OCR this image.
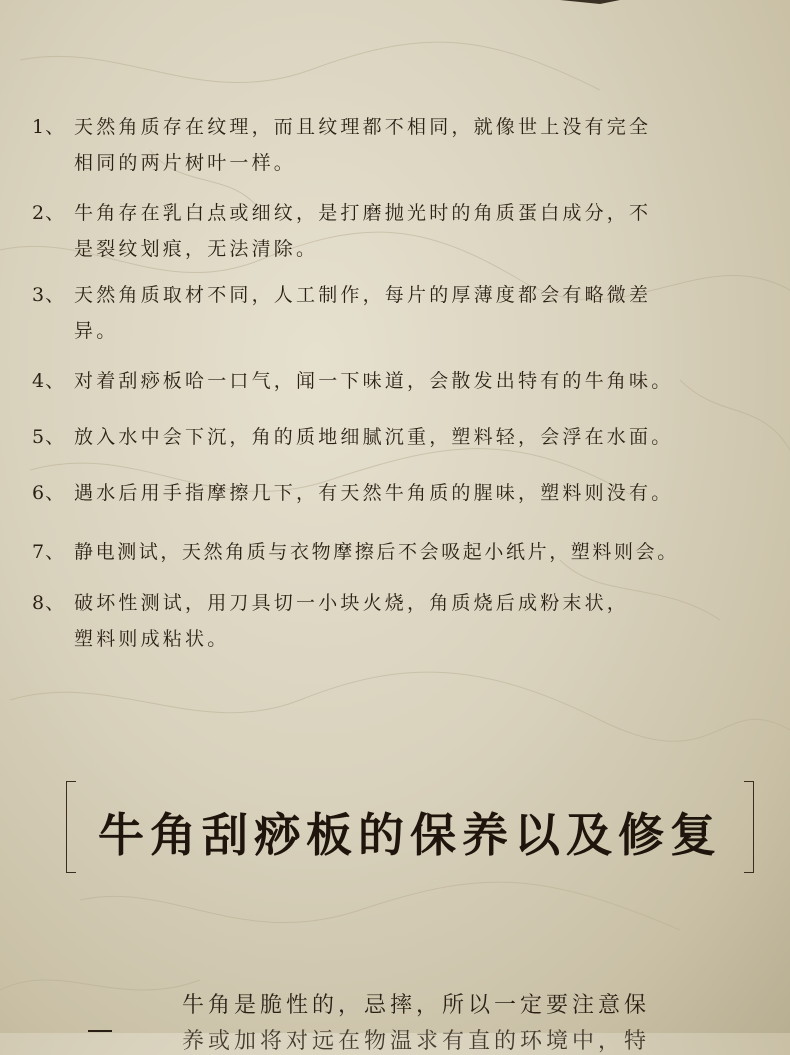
1、 天然角质存在纹理，而且纹理都不相同，就像世上没有完全
相同的两片树叶一样。
2、 牛角存在乳白点或细纹，是打磨抛光时的角质蛋白成分，不
是裂纹划痕，无法清除。
3、 天然角质取材不同，人工制作，每片的厚薄度都会有略微差
异。
4、 对着刮痧板哈一口气，闻一下味道，会散发出特有的牛角味。
5、 放入水中会下沉，角的质地细腻沉重，塑料轻，会浮在水面。
6、 遇水后用手指摩擦几下，有天然牛角质的腥味，塑料则没有。
7、 静电测试，天然角质与衣物摩擦后不会吸起小纸片，塑料则会。
8、 破坏性测试，用刀具切一小块火烧，角质烧后成粉末状，
塑料则成粘状。
牛角刮痧板的保养以及修复
牛角是脆性的，忌摔，所以一定要注意保
养或加将对远在物温求有直的环境中，特
